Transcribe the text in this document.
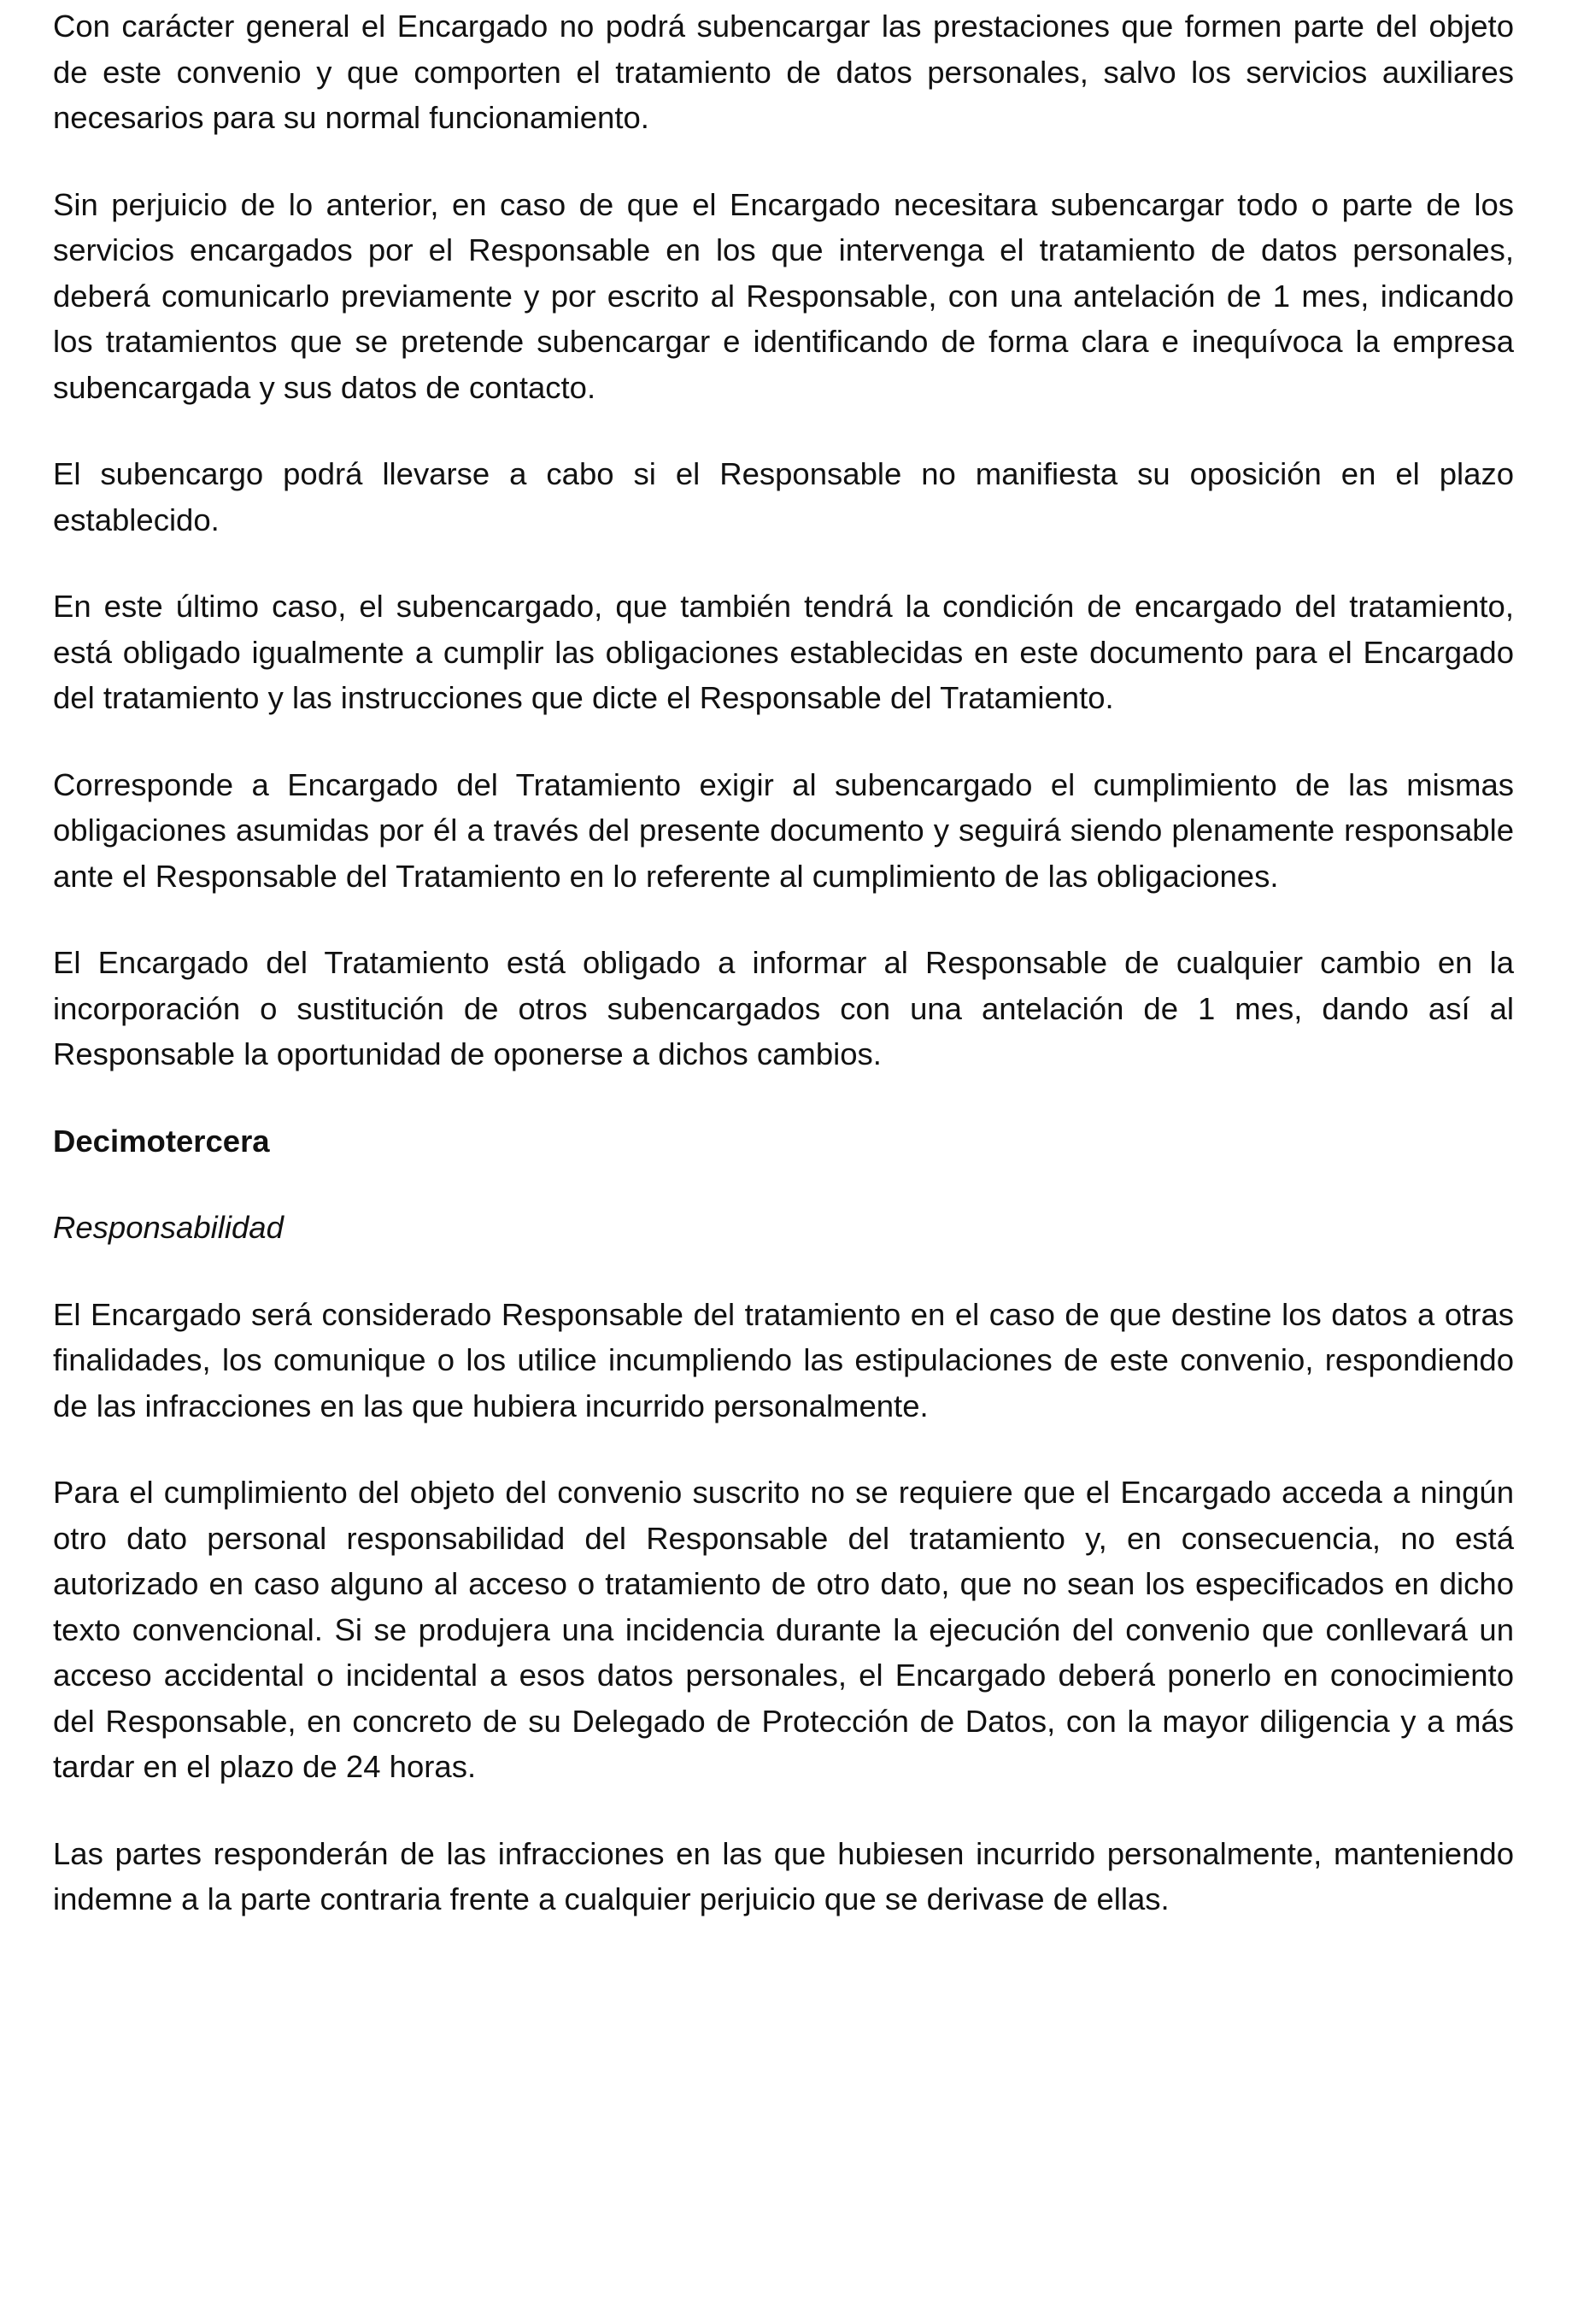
Con carácter general el Encargado no podrá subencargar las prestaciones que formen parte del objeto de este convenio y que comporten el tratamiento de datos personales, salvo los servicios auxiliares necesarios para su normal funcionamiento.

Sin perjuicio de lo anterior, en caso de que el Encargado necesitara subencargar todo o parte de los servicios encargados por el Responsable en los que intervenga el tratamiento de datos personales, deberá comunicarlo previamente y por escrito al Responsable, con una antelación de 1 mes, indicando los tratamientos que se pretende subencargar e identificando de forma clara e inequívoca la empresa subencargada y sus datos de contacto.

El subencargo podrá llevarse a cabo si el Responsable no manifiesta su oposición en el plazo establecido.

En este último caso, el subencargado, que también tendrá la condición de encargado del tratamiento, está obligado igualmente a cumplir las obligaciones establecidas en este documento para el Encargado del tratamiento y las instrucciones que dicte el Responsable del Tratamiento.

Corresponde a Encargado del Tratamiento exigir al subencargado el cumplimiento de las mismas obligaciones asumidas por él a través del presente documento y seguirá siendo plenamente responsable ante el Responsable del Tratamiento en lo referente al cumplimiento de las obligaciones.

El Encargado del Tratamiento está obligado a informar al Responsable de cualquier cambio en la incorporación o sustitución de otros subencargados con una antelación de 1 mes, dando así al Responsable la oportunidad de oponerse a dichos cambios.

Decimotercera

Responsabilidad

El Encargado será considerado Responsable del tratamiento en el caso de que destine los datos a otras finalidades, los comunique o los utilice incumpliendo las estipulaciones de este convenio, respondiendo de las infracciones en las que hubiera incurrido personalmente.

Para el cumplimiento del objeto del convenio suscrito no se requiere que el Encargado acceda a ningún otro dato personal responsabilidad del Responsable del tratamiento y, en consecuencia, no está autorizado en caso alguno al acceso o tratamiento de otro dato, que no sean los especificados en dicho texto convencional. Si se produjera una incidencia durante la ejecución del convenio que conllevará un acceso accidental o incidental a esos datos personales, el Encargado deberá ponerlo en conocimiento del Responsable, en concreto de su Delegado de Protección de Datos, con la mayor diligencia y a más tardar en el plazo de 24 horas.

Las partes responderán de las infracciones en las que hubiesen incurrido personalmente, manteniendo indemne a la parte contraria frente a cualquier perjuicio que se derivase de ellas.
